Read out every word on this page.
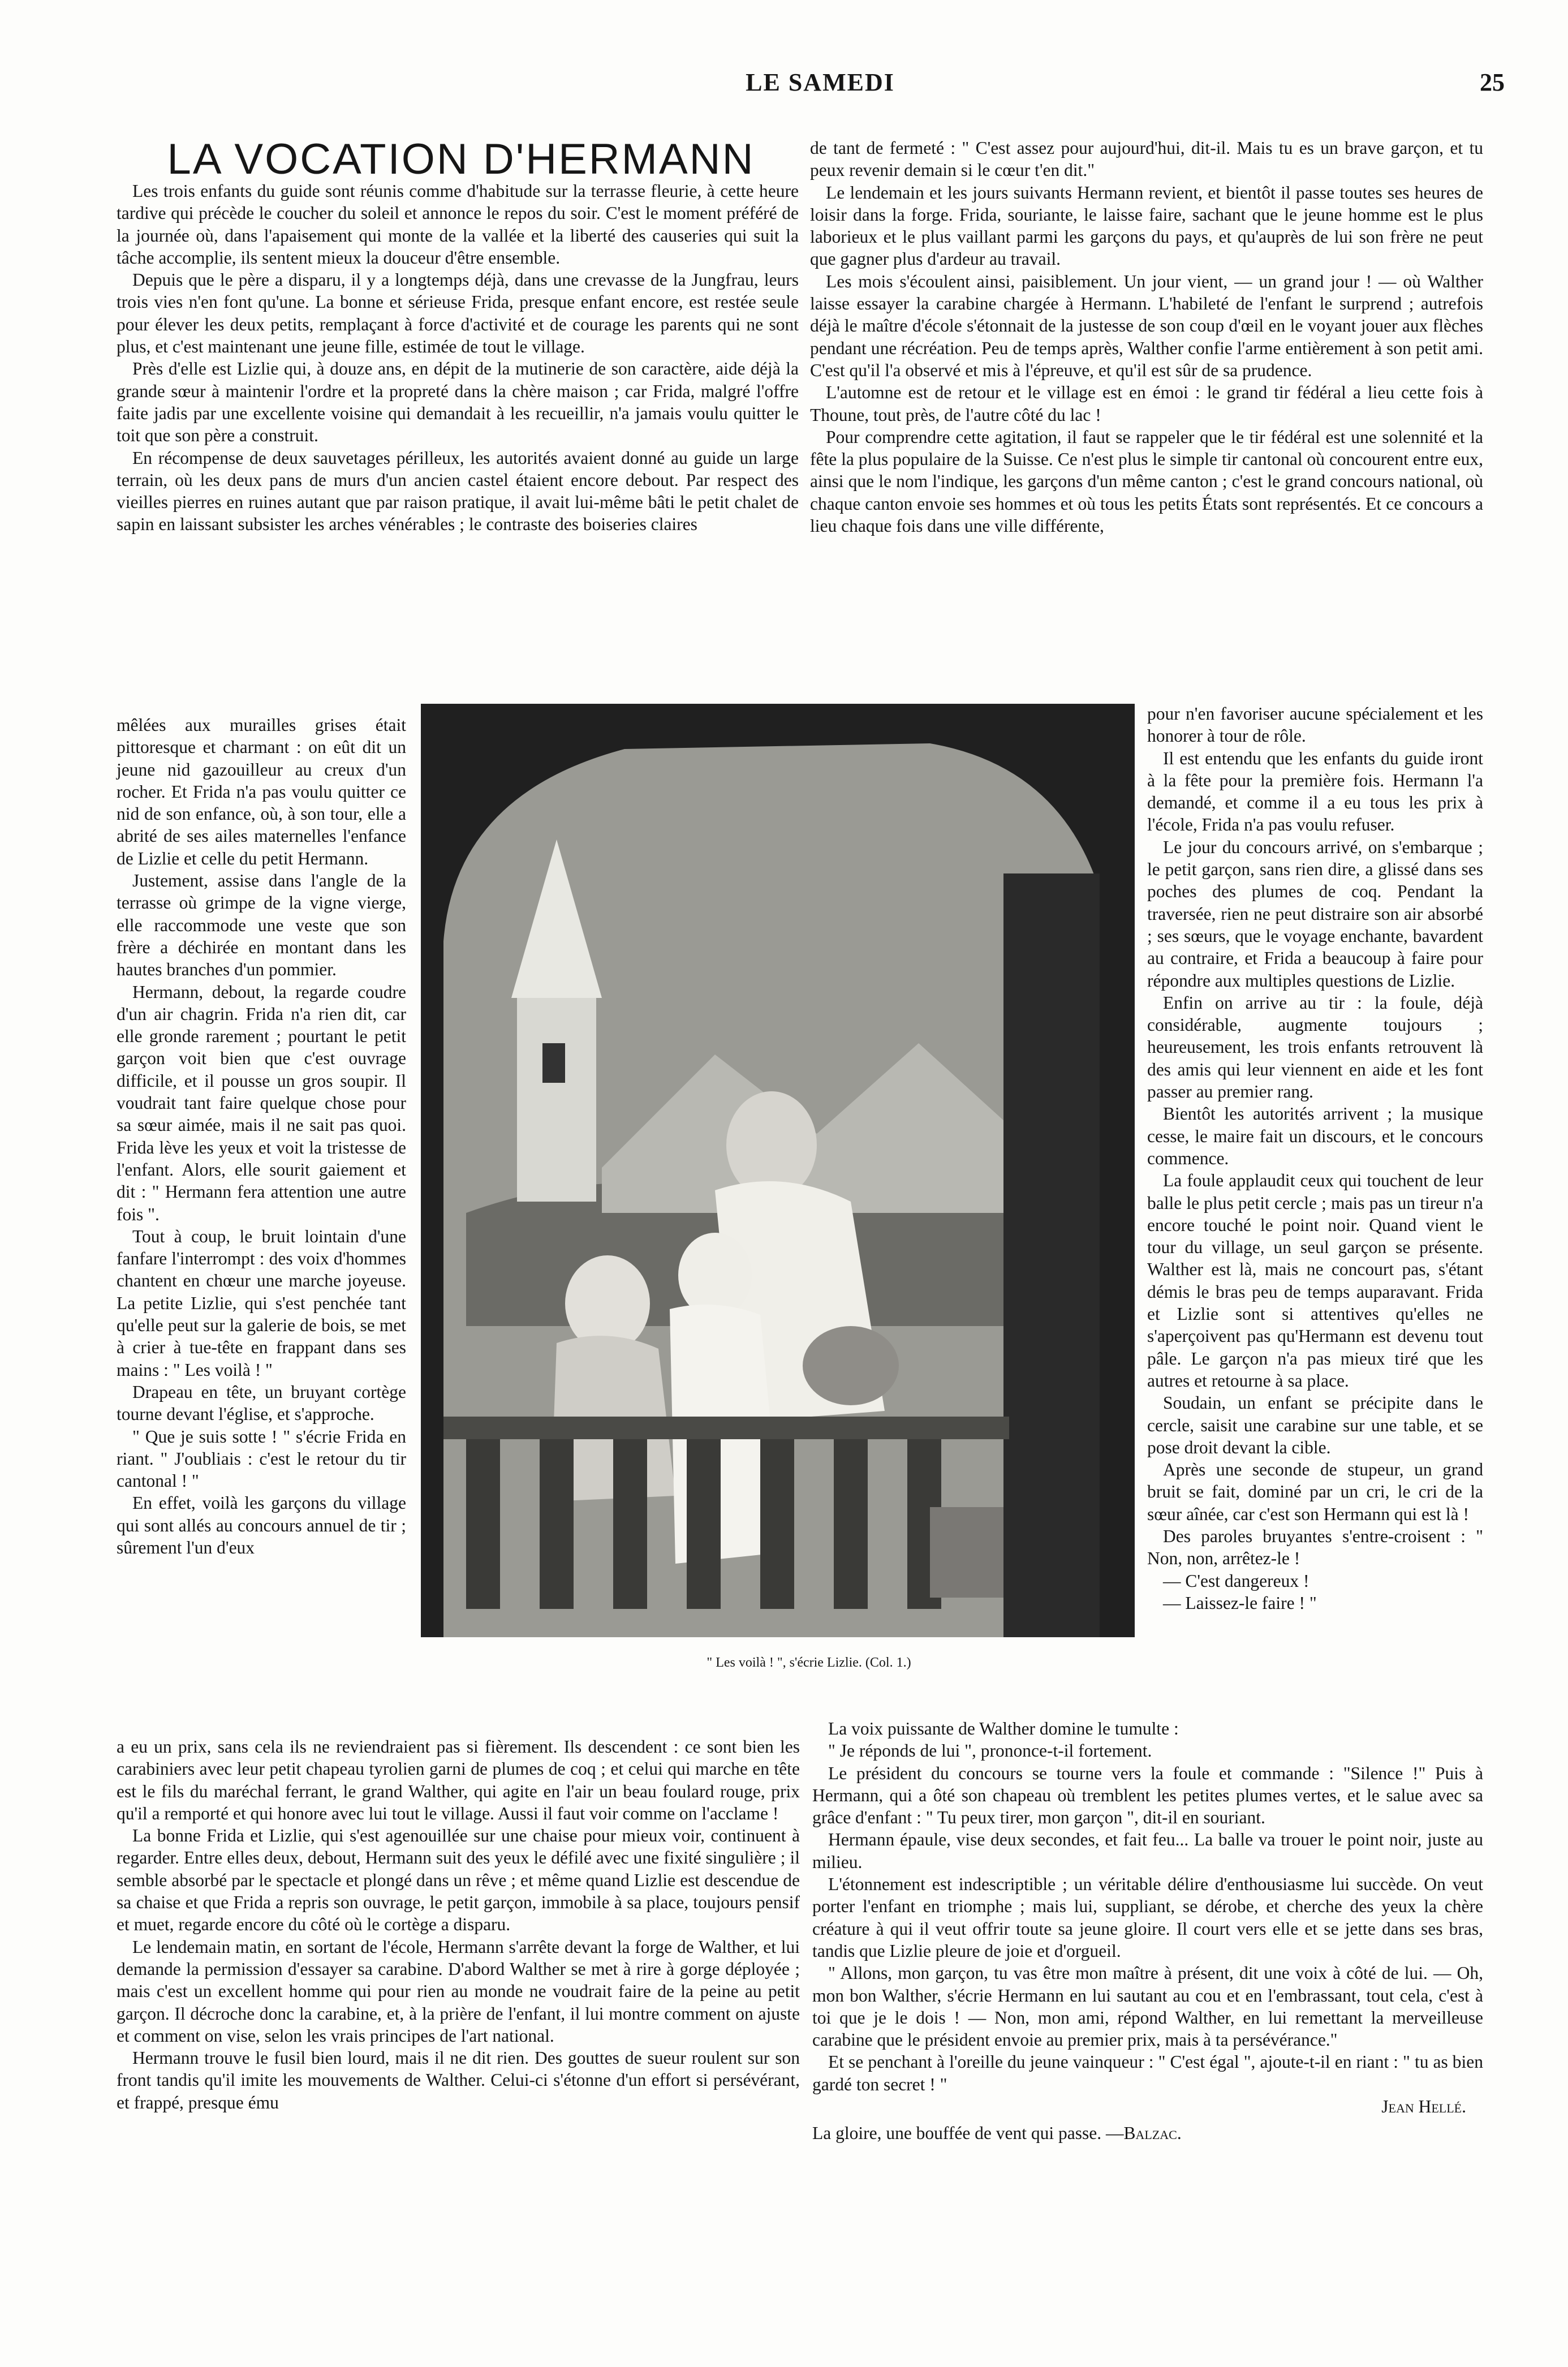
LE SAMEDI	25
LA VOCATION D'HERMANN

Les trois enfants du guide sont réunis comme d'habitude sur la terrasse fleurie, à cette heure tardive qui précède le coucher du soleil et annonce le repos du soir. C'est le moment préféré de la journée où, dans l'apaisement qui monte de la vallée et la liberté des causeries qui suit la tâche accomplie, ils sentent mieux la douceur d'être ensemble.

Depuis que le père a disparu, il y a longtemps déjà, dans une crevasse de la Jungfrau, leurs trois vies n'en font qu'une. La bonne et sérieuse Frida, presque enfant encore, est restée seule pour élever les deux petits, remplaçant à force d'activité et de courage les parents qui ne sont plus, et c'est maintenant une jeune fille, estimée de tout le village.

Près d'elle est Lizlie qui, à douze ans, en dépit de la mutinerie de son caractère, aide déjà la grande sœur à maintenir l'ordre et la propreté dans la chère maison ; car Frida, malgré l'offre faite jadis par une excellente voisine qui demandait à les recueillir, n'a jamais voulu quitter le toit que son père a construit.

En récompense de deux sauvetages périlleux, les autorités avaient donné au guide un large terrain, où les deux pans de murs d'un ancien castel étaient encore debout. Par respect des vieilles pierres en ruines autant que par raison pratique, il avait lui-même bâti le petit chalet de sapin en laissant subsister les arches vénérables ; le contraste des boiseries claires

mêlées aux murailles grises était pittoresque et charmant : on eût dit un jeune nid gazouilleur au creux d'un rocher. Et Frida n'a pas voulu quitter ce nid de son enfance, où, à son tour, elle a abrité de ses ailes maternelles l'enfance de Lizlie et celle du petit Hermann.

Justement, assise dans l'angle de la terrasse où grimpe de la vigne vierge, elle raccommode une veste que son frère a déchirée en montant dans les hautes branches d'un pommier.

Hermann, debout, la regarde coudre d'un air chagrin. Frida n'a rien dit, car elle gronde rarement ; pourtant le petit garçon voit bien que c'est ouvrage difficile, et il pousse un gros soupir. Il voudrait tant faire quelque chose pour sa sœur aimée, mais il ne sait pas quoi. Frida lève les yeux et voit la tristesse de l'enfant. Alors, elle sourit gaiement et dit : " Hermann fera attention une autre fois ".

Tout à coup, le bruit lointain d'une fanfare l'interrompt : des voix d'hommes chantent en chœur une marche joyeuse. La petite Lizlie, qui s'est penchée tant qu'elle peut sur la galerie de bois, se met à crier à tue-tête en frappant dans ses mains : " Les voilà ! "

Drapeau en tête, un bruyant cortège tourne devant l'église, et s'approche.

" Que je suis sotte ! " s'écrie Frida en riant. " J'oubliais : c'est le retour du tir cantonal ! "

En effet, voilà les garçons du village qui sont allés au concours annuel de tir ; sûrement l'un d'eux

" Les voilà ! ", s'écrie Lizlie. (Col. 1.)

a eu un prix, sans cela ils ne reviendraient pas si fièrement. Ils descendent : ce sont bien les carabiniers avec leur petit chapeau tyrolien garni de plumes de coq ; et celui qui marche en tête est le fils du maréchal ferrant, le grand Walther, qui agite en l'air un beau foulard rouge, prix qu'il a remporté et qui honore avec lui tout le village. Aussi il faut voir comme on l'acclame !

La bonne Frida et Lizlie, qui s'est agenouillée sur une chaise pour mieux voir, continuent à regarder. Entre elles deux, debout, Hermann suit des yeux le défilé avec une fixité singulière ; il semble absorbé par le spectacle et plongé dans un rêve ; et même quand Lizlie est descendue de sa chaise et que Frida a repris son ouvrage, le petit garçon, immobile à sa place, toujours pensif et muet, regarde encore du côté où le cortège a disparu.

Le lendemain matin, en sortant de l'école, Hermann s'arrête devant la forge de Walther, et lui demande la permission d'essayer sa carabine. D'abord Walther se met à rire à gorge déployée ; mais c'est un excellent homme qui pour rien au monde ne voudrait faire de la peine au petit garçon. Il décroche donc la carabine, et, à la prière de l'enfant, il lui montre comment on ajuste et comment on vise, selon les vrais principes de l'art national.

Hermann trouve le fusil bien lourd, mais il ne dit rien. Des gouttes de sueur roulent sur son front tandis qu'il imite les mouvements de Walther. Celui-ci s'étonne d'un effort si persévérant, et frappé, presque ému

de tant de fermeté : " C'est assez pour aujourd'hui, dit-il. Mais tu es un brave garçon, et tu peux revenir demain si le cœur t'en dit."

Le lendemain et les jours suivants Hermann revient, et bientôt il passe toutes ses heures de loisir dans la forge. Frida, souriante, le laisse faire, sachant que le jeune homme est le plus laborieux et le plus vaillant parmi les garçons du pays, et qu'auprès de lui son frère ne peut que gagner plus d'ardeur au travail.

Les mois s'écoulent ainsi, paisiblement. Un jour vient, — un grand jour ! — où Walther laisse essayer la carabine chargée à Hermann. L'habileté de l'enfant le surprend ; autrefois déjà le maître d'école s'étonnait de la justesse de son coup d'œil en le voyant jouer aux flèches pendant une récréation. Peu de temps après, Walther confie l'arme entièrement à son petit ami. C'est qu'il l'a observé et mis à l'épreuve, et qu'il est sûr de sa prudence.

L'automne est de retour et le village est en émoi : le grand tir fédéral a lieu cette fois à Thoune, tout près, de l'autre côté du lac !

Pour comprendre cette agitation, il faut se rappeler que le tir fédéral est une solennité et la fête la plus populaire de la Suisse. Ce n'est plus le simple tir cantonal où concourent entre eux, ainsi que le nom l'indique, les garçons d'un même canton ; c'est le grand concours national, où chaque canton envoie ses hommes et où tous les petits États sont représentés. Et ce concours a lieu chaque fois dans une ville différente,

pour n'en favoriser aucune spécialement et les honorer à tour de rôle.

Il est entendu que les enfants du guide iront à la fête pour la première fois. Hermann l'a demandé, et comme il a eu tous les prix à l'école, Frida n'a pas voulu refuser.

Le jour du concours arrivé, on s'embarque ; le petit garçon, sans rien dire, a glissé dans ses poches des plumes de coq. Pendant la traversée, rien ne peut distraire son air absorbé ; ses sœurs, que le voyage enchante, bavardent au contraire, et Frida a beaucoup à faire pour répondre aux multiples questions de Lizlie.

Enfin on arrive au tir : la foule, déjà considérable, augmente toujours ; heureusement, les trois enfants retrouvent là des amis qui leur viennent en aide et les font passer au premier rang.

Bientôt les autorités arrivent ; la musique cesse, le maire fait un discours, et le concours commence.

La foule applaudit ceux qui touchent de leur balle le plus petit cercle ; mais pas un tireur n'a encore touché le point noir. Quand vient le tour du village, un seul garçon se présente. Walther est là, mais ne concourt pas, s'étant démis le bras peu de temps auparavant. Frida et Lizlie sont si attentives qu'elles ne s'aperçoivent pas qu'Hermann est devenu tout pâle. Le garçon n'a pas mieux tiré que les autres et retourne à sa place.

Soudain, un enfant se précipite dans le cercle, saisit une carabine sur une table, et se pose droit devant la cible.

Après une seconde de stupeur, un grand bruit se fait, dominé par un cri, le cri de la sœur aînée, car c'est son Hermann qui est là !

Des paroles bruyantes s'entre-croisent : " Non, non, arrêtez-le !

— C'est dangereux !

— Laissez-le faire ! "

La voix puissante de Walther domine le tumulte :

" Je réponds de lui ", prononce-t-il fortement.

Le président du concours se tourne vers la foule et commande : "Silence !" Puis à Hermann, qui a ôté son chapeau où tremblent les petites plumes vertes, et le salue avec sa grâce d'enfant : " Tu peux tirer, mon garçon ", dit-il en souriant.

Hermann épaule, vise deux secondes, et fait feu... La balle va trouer le point noir, juste au milieu.

L'étonnement est indescriptible ; un véritable délire d'enthousiasme lui succède. On veut porter l'enfant en triomphe ; mais lui, suppliant, se dérobe, et cherche des yeux la chère créature à qui il veut offrir toute sa jeune gloire. Il court vers elle et se jette dans ses bras, tandis que Lizlie pleure de joie et d'orgueil.

" Allons, mon garçon, tu vas être mon maître à présent, dit une voix à côté de lui. — Oh, mon bon Walther, s'écrie Hermann en lui sautant au cou et en l'embrassant, tout cela, c'est à toi que je le dois ! — Non, mon ami, répond Walther, en lui remettant la merveilleuse carabine que le président envoie au premier prix, mais à ta persévérance."

Et se penchant à l'oreille du jeune vainqueur : " C'est égal ", ajoute-t-il en riant : " tu as bien gardé ton secret ! "

Jean Hellé.

La gloire, une bouffée de vent qui passe. —Balzac.
